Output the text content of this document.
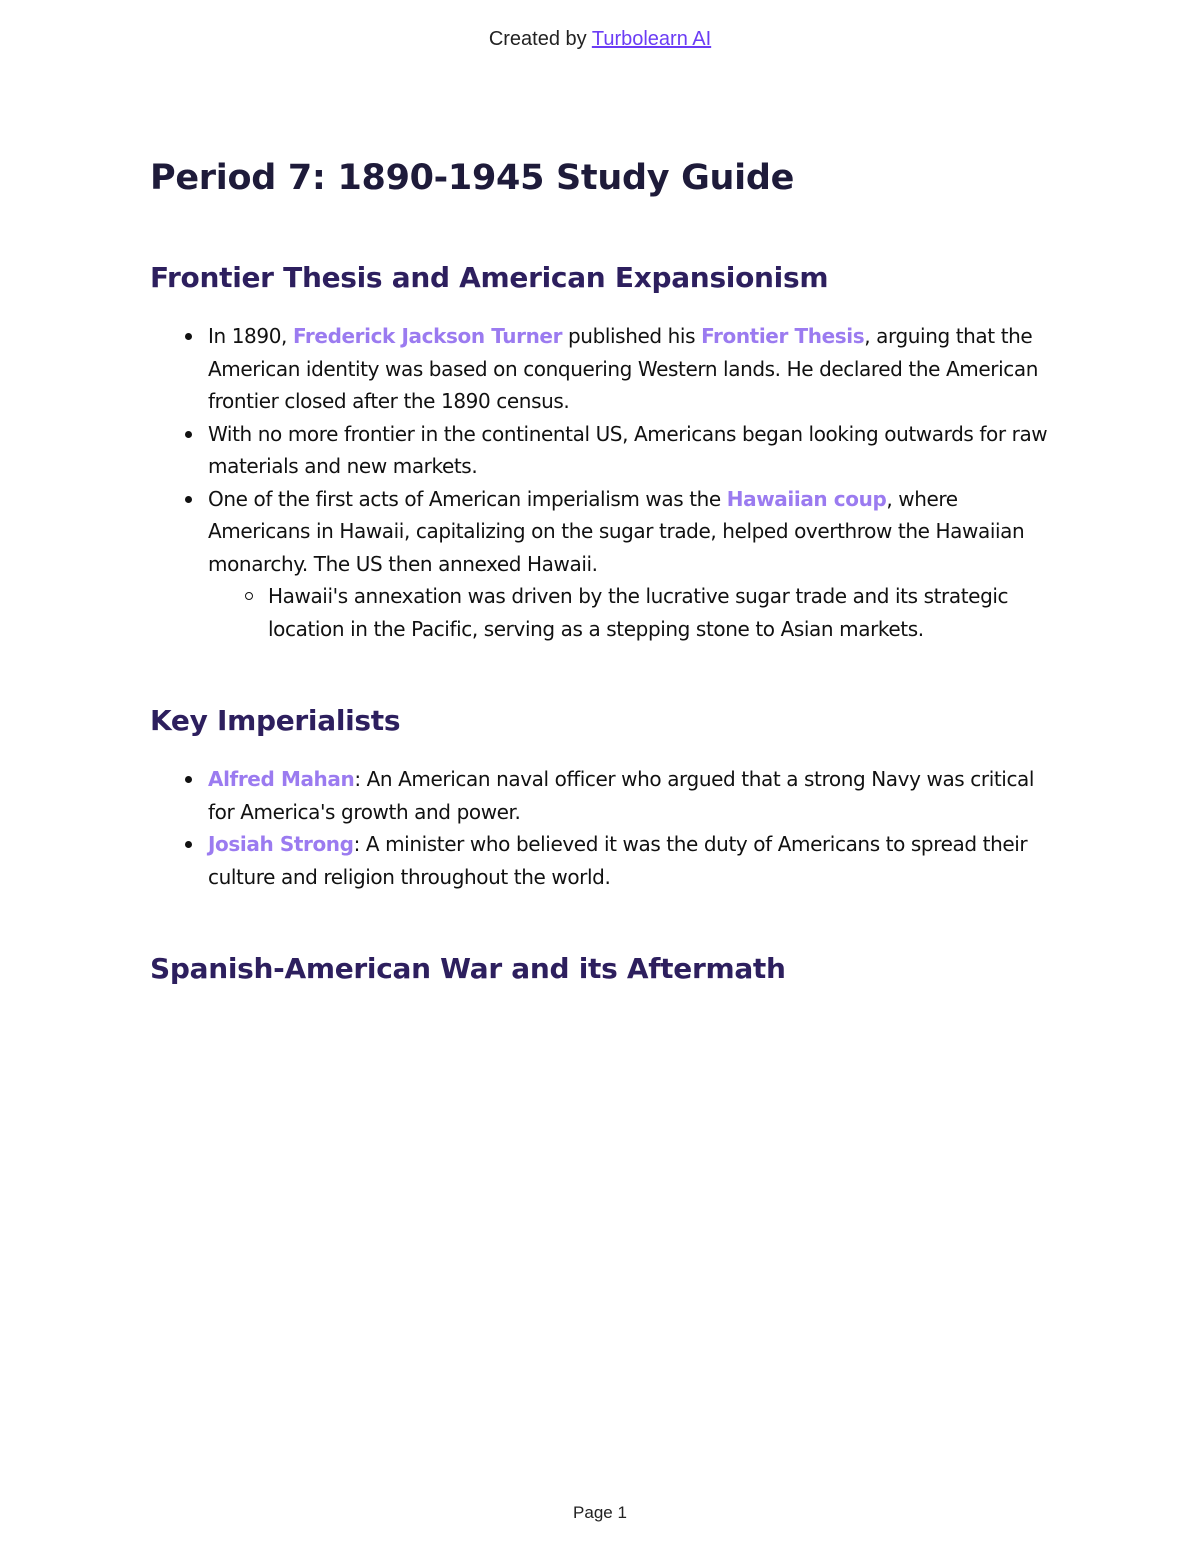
Created by Turbolearn AI
Period 7: 1890-1945 Study Guide
Frontier Thesis and American Expansionism
In 1890, Frederick Jackson Turner published his Frontier Thesis, arguing that the American identity was based on conquering Western lands. He declared the American frontier closed after the 1890 census.
With no more frontier in the continental US, Americans began looking outwards for raw materials and new markets.
One of the first acts of American imperialism was the Hawaiian coup, where Americans in Hawaii, capitalizing on the sugar trade, helped overthrow the Hawaiian monarchy. The US then annexed Hawaii.
Hawaii's annexation was driven by the lucrative sugar trade and its strategic location in the Pacific, serving as a stepping stone to Asian markets.
Key Imperialists
Alfred Mahan: An American naval officer who argued that a strong Navy was critical for America's growth and power.
Josiah Strong: A minister who believed it was the duty of Americans to spread their culture and religion throughout the world.
Spanish-American War and its Aftermath
Page 1
